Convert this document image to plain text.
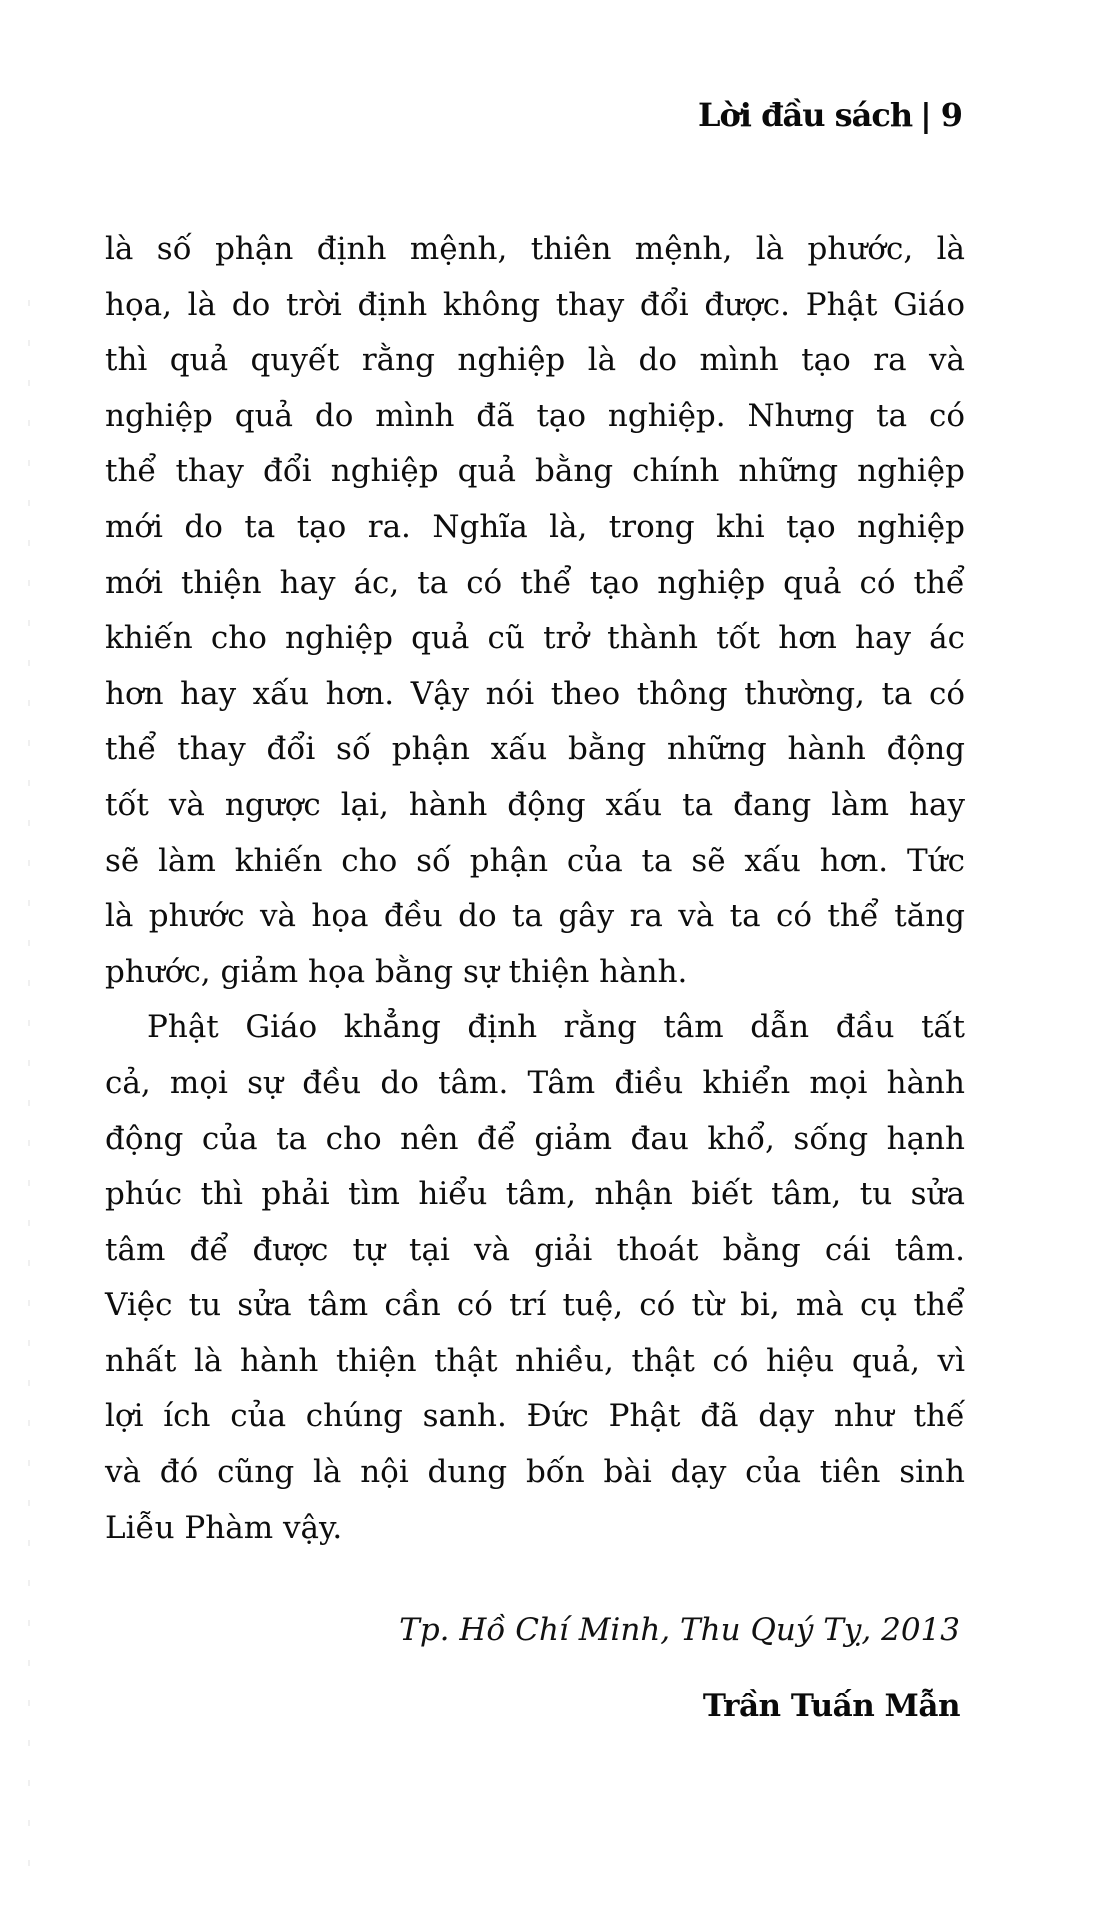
Lời đầu sách | 9
là số phận định mệnh, thiên mệnh, là phước, là
họa, là do trời định không thay đổi được. Phật Giáo
thì quả quyết rằng nghiệp là do mình tạo ra và
nghiệp quả do mình đã tạo nghiệp. Nhưng ta có
thể thay đổi nghiệp quả bằng chính những nghiệp
mới do ta tạo ra. Nghĩa là, trong khi tạo nghiệp
mới thiện hay ác, ta có thể tạo nghiệp quả có thể
khiến cho nghiệp quả cũ trở thành tốt hơn hay ác
hơn hay xấu hơn. Vậy nói theo thông thường, ta có
thể thay đổi số phận xấu bằng những hành động
tốt và ngược lại, hành động xấu ta đang làm hay
sẽ làm khiến cho số phận của ta sẽ xấu hơn. Tức
là phước và họa đều do ta gây ra và ta có thể tăng
phước, giảm họa bằng sự thiện hành.
Phật Giáo khẳng định rằng tâm dẫn đầu tất
cả, mọi sự đều do tâm. Tâm điều khiển mọi hành
động của ta cho nên để giảm đau khổ, sống hạnh
phúc thì phải tìm hiểu tâm, nhận biết tâm, tu sửa
tâm để được tự tại và giải thoát bằng cái tâm.
Việc tu sửa tâm cần có trí tuệ, có từ bi, mà cụ thể
nhất là hành thiện thật nhiều, thật có hiệu quả, vì
lợi ích của chúng sanh. Đức Phật đã dạy như thế
và đó cũng là nội dung bốn bài dạy của tiên sinh
Liễu Phàm vậy.
Tp. Hồ Chí Minh, Thu Quý Tỵ, 2013
Trần Tuấn Mẫn
